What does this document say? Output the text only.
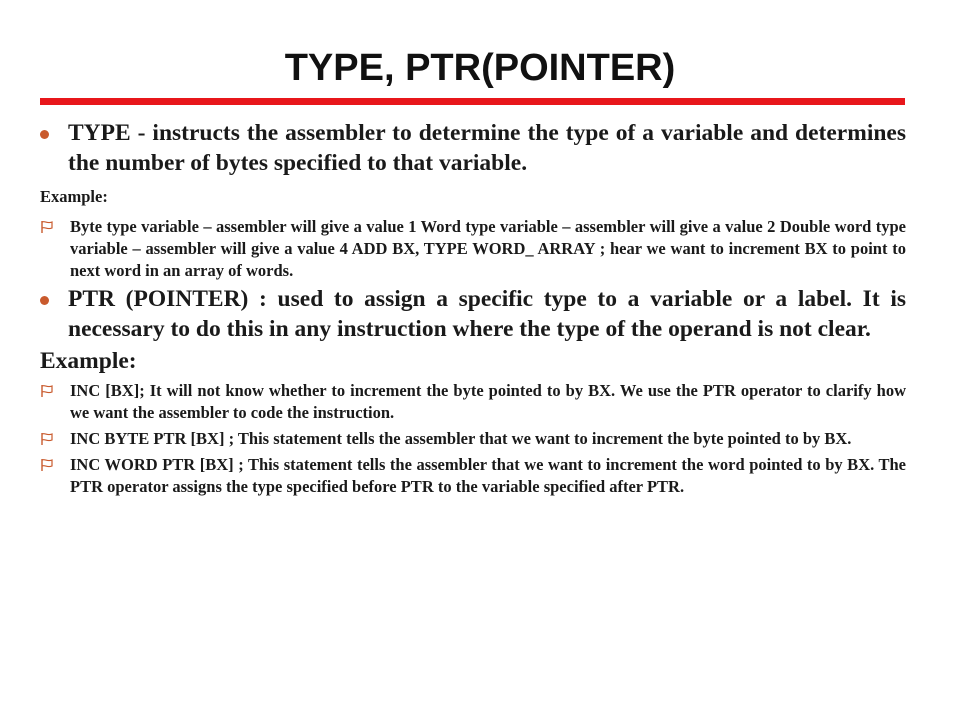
TYPE, PTR(POINTER)
TYPE - instructs the assembler to determine the type of a variable and determines the number of bytes specified to that variable.
Example:
Byte type variable – assembler will give a value 1 Word type variable – assembler will give a value 2 Double word type variable – assembler will give a value 4 ADD BX, TYPE WORD_ ARRAY ; hear we want to increment BX to point to next word in an array of words.
PTR (POINTER) : used to assign a specific type to a variable or a label. It is necessary to do this in any instruction where the type of the operand is not clear.
Example:
INC [BX]; It will not know whether to increment the byte pointed to by BX. We use the PTR operator to clarify how we want the assembler to code the instruction.
INC BYTE PTR [BX] ; This statement tells the assembler that we want to increment the byte pointed to by BX.
INC WORD PTR [BX] ; This statement tells the assembler that we want to increment the word pointed to by BX. The PTR operator assigns the type specified before PTR to the variable specified after PTR.
